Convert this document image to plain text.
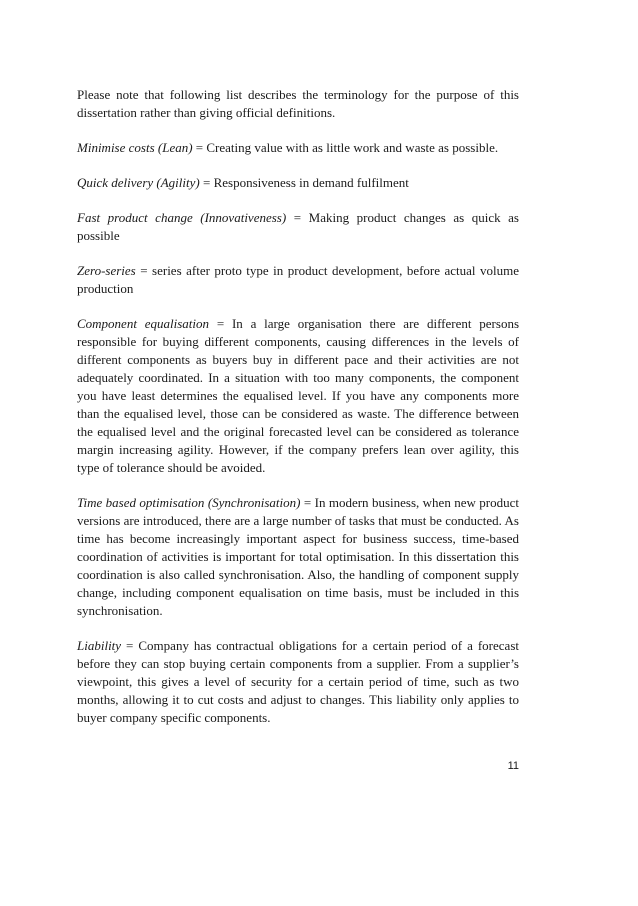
Please note that following list describes the terminology for the purpose of this dissertation rather than giving official definitions.

Minimise costs (Lean) = Creating value with as little work and waste as possible.

Quick delivery (Agility) = Responsiveness in demand fulfilment

Fast product change (Innovativeness) = Making product changes as quick as possible

Zero-series = series after proto type in product development, before actual volume production

Component equalisation = In a large organisation there are different persons responsible for buying different components, causing differences in the levels of different components as buyers buy in different pace and their activities are not adequately coordinated. In a situation with too many components, the component you have least determines the equalised level. If you have any components more than the equalised level, those can be considered as waste. The difference between the equalised level and the original forecasted level can be considered as tolerance margin increasing agility. However, if the company prefers lean over agility, this type of tolerance should be avoided.

Time based optimisation (Synchronisation) = In modern business, when new product versions are introduced, there are a large number of tasks that must be conducted. As time has become increasingly important aspect for business success, time-based coordination of activities is important for total optimisation. In this dissertation this coordination is also called synchronisation. Also, the handling of component supply change, including component equalisation on time basis, must be included in this synchronisation.

Liability = Company has contractual obligations for a certain period of a forecast before they can stop buying certain components from a supplier. From a supplier’s viewpoint, this gives a level of security for a certain period of time, such as two months, allowing it to cut costs and adjust to changes. This liability only applies to buyer company specific components.

11
